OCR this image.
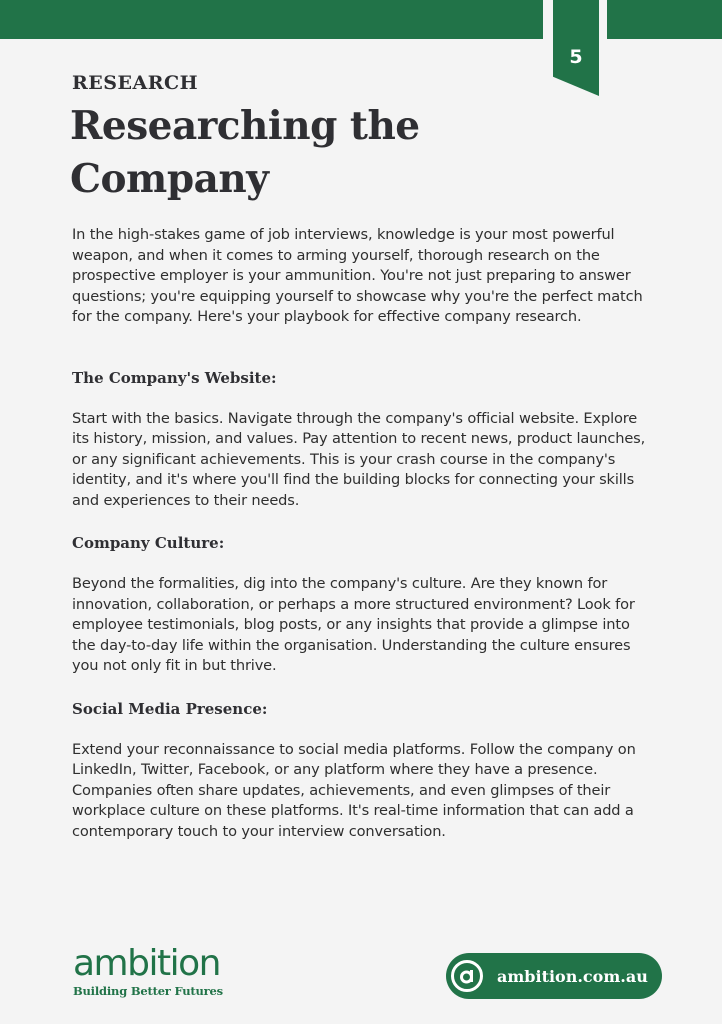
5
RESEARCH
Researching the
Company

In the high-stakes game of job interviews, knowledge is your most powerful weapon, and when it comes to arming yourself, thorough research on the prospective employer is your ammunition. You're not just preparing to answer questions; you're equipping yourself to showcase why you're the perfect match for the company. Here's your playbook for effective company research.

The Company's Website:

Start with the basics. Navigate through the company's official website. Explore its history, mission, and values. Pay attention to recent news, product launches, or any significant achievements. This is your crash course in the company's identity, and it's where you'll find the building blocks for connecting your skills and experiences to their needs.

Company Culture:

Beyond the formalities, dig into the company's culture. Are they known for innovation, collaboration, or perhaps a more structured environment? Look for employee testimonials, blog posts, or any insights that provide a glimpse into the day-to-day life within the organisation. Understanding the culture ensures you not only fit in but thrive.

Social Media Presence:

Extend your reconnaissance to social media platforms. Follow the company on LinkedIn, Twitter, Facebook, or any platform where they have a presence. Companies often share updates, achievements, and even glimpses of their workplace culture on these platforms. It's real-time information that can add a contemporary touch to your interview conversation.

ambition
Building Better Futures
ambition.com.au
